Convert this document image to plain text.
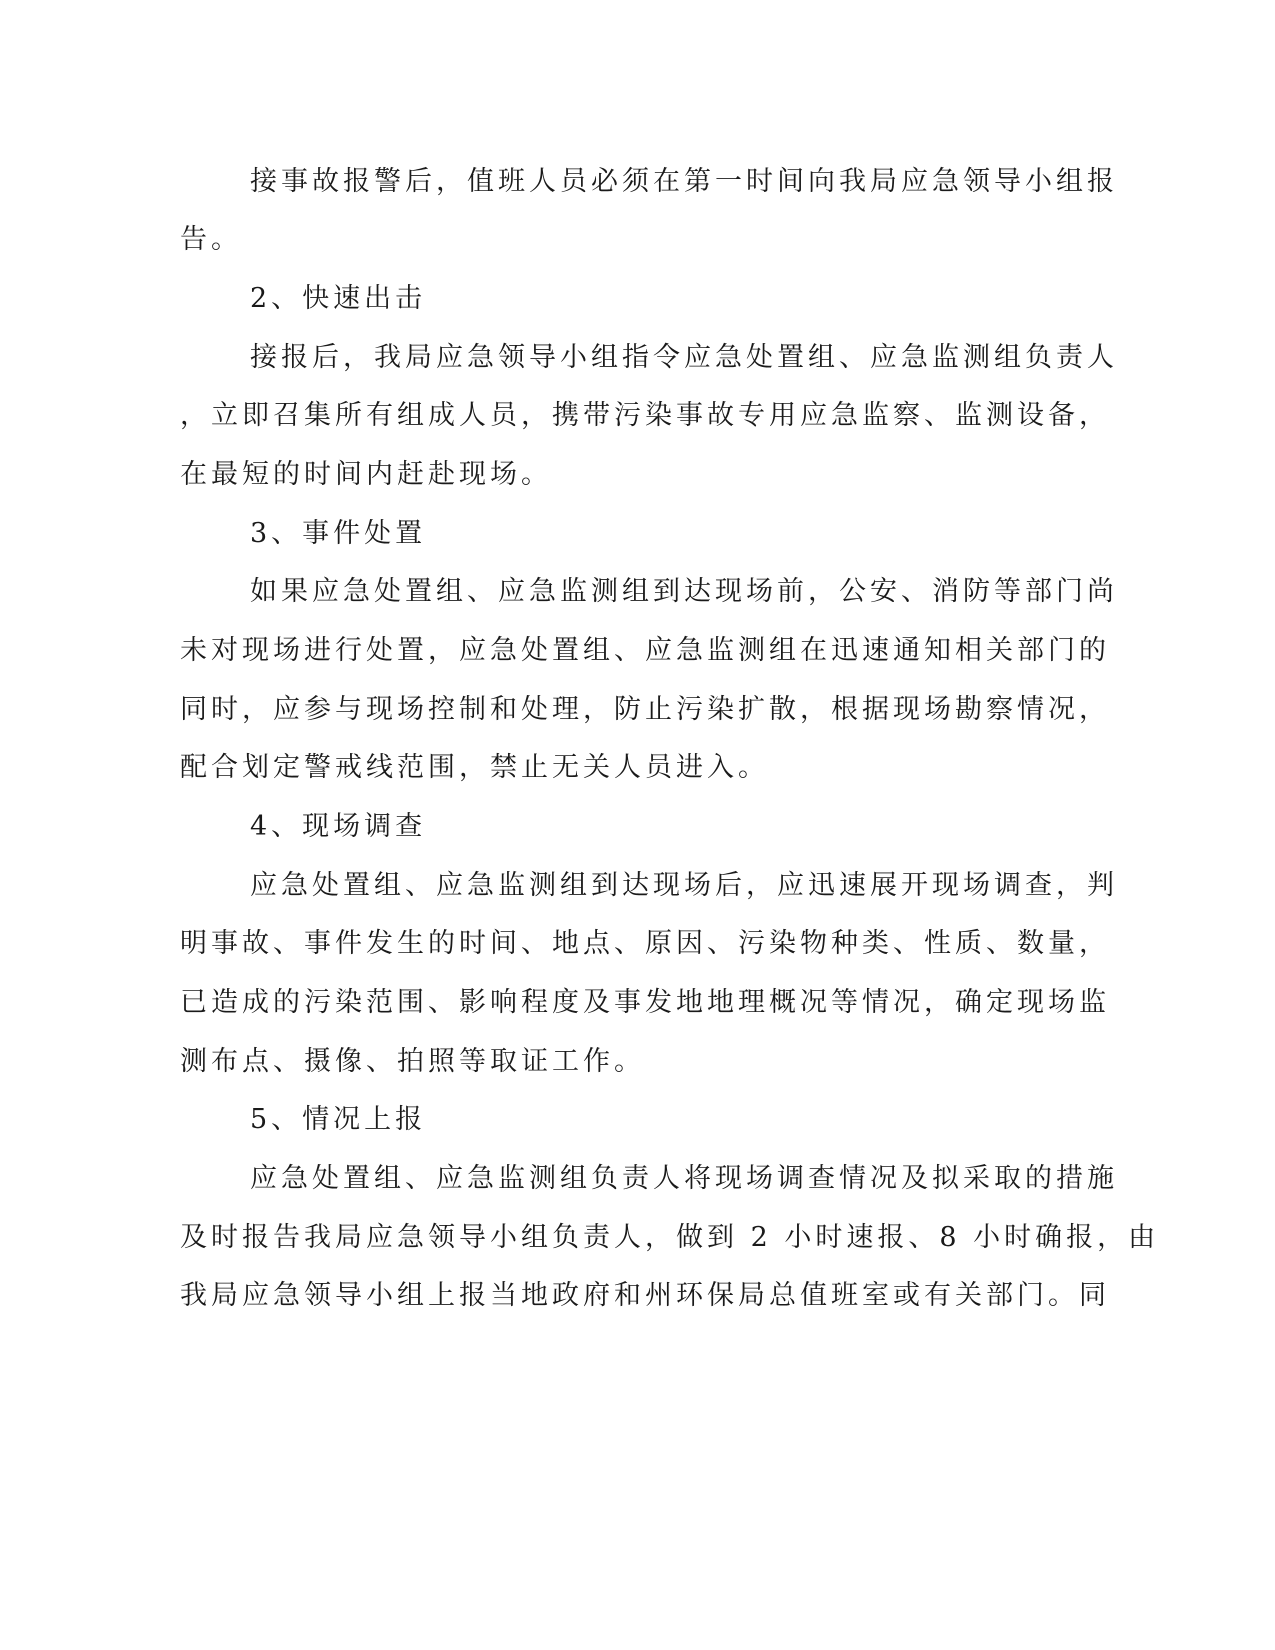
接事故报警后，值班人员必须在第一时间向我局应急领导小组报
告。
2、快速出击
接报后，我局应急领导小组指令应急处置组、应急监测组负责人
，立即召集所有组成人员，携带污染事故专用应急监察、监测设备，
在最短的时间内赶赴现场。
3、事件处置
如果应急处置组、应急监测组到达现场前，公安、消防等部门尚
未对现场进行处置，应急处置组、应急监测组在迅速通知相关部门的
同时，应参与现场控制和处理，防止污染扩散，根据现场勘察情况，
配合划定警戒线范围，禁止无关人员进入。
4、现场调查
应急处置组、应急监测组到达现场后，应迅速展开现场调查，判
明事故、事件发生的时间、地点、原因、污染物种类、性质、数量，
已造成的污染范围、影响程度及事发地地理概况等情况，确定现场监
测布点、摄像、拍照等取证工作。
5、情况上报
应急处置组、应急监测组负责人将现场调查情况及拟采取的措施
及时报告我局应急领导小组负责人，做到 2 小时速报、8 小时确报，由
我局应急领导小组上报当地政府和州环保局总值班室或有关部门。同
